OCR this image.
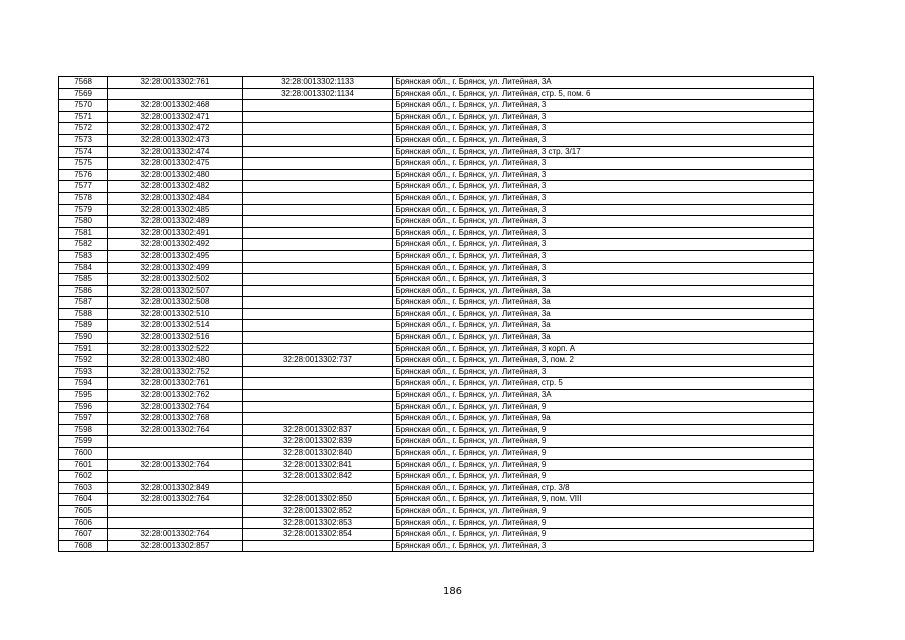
7568	32:28:0013302:761	32:28:0013302:1133	Брянская обл., г. Брянск, ул. Литейная, 3А
7569		32:28:0013302:1134	Брянская обл., г. Брянск, ул. Литейная, стр. 5, пом. 6
7570	32:28:0013302:468		Брянская обл., г. Брянск, ул. Литейная, 3
7571	32:28:0013302:471		Брянская обл., г. Брянск, ул. Литейная, 3
7572	32:28:0013302:472		Брянская обл., г. Брянск, ул. Литейная, 3
7573	32:28:0013302:473		Брянская обл., г. Брянск, ул. Литейная, 3
7574	32:28:0013302:474		Брянская обл., г. Брянск, ул. Литейная, 3 стр. 3/17
7575	32:28:0013302:475		Брянская обл., г. Брянск, ул. Литейная, 3
7576	32:28:0013302:480		Брянская обл., г. Брянск, ул. Литейная, 3
7577	32:28:0013302:482		Брянская обл., г. Брянск, ул. Литейная, 3
7578	32:28:0013302:484		Брянская обл., г. Брянск, ул. Литейная, 3
7579	32:28:0013302:485		Брянская обл., г. Брянск, ул. Литейная, 3
7580	32:28:0013302:489		Брянская обл., г. Брянск, ул. Литейная, 3
7581	32:28:0013302:491		Брянская обл., г. Брянск, ул. Литейная, 3
7582	32:28:0013302:492		Брянская обл., г. Брянск, ул. Литейная, 3
7583	32:28:0013302:495		Брянская обл., г. Брянск, ул. Литейная, 3
7584	32:28:0013302:499		Брянская обл., г. Брянск, ул. Литейная, 3
7585	32:28:0013302:502		Брянская обл., г. Брянск, ул. Литейная, 3
7586	32:28:0013302:507		Брянская обл., г. Брянск, ул. Литейная, 3а
7587	32:28:0013302:508		Брянская обл., г. Брянск, ул. Литейная, 3а
7588	32:28:0013302:510		Брянская обл., г. Брянск, ул. Литейная, 3а
7589	32:28:0013302:514		Брянская обл., г. Брянск, ул. Литейная, 3а
7590	32:28:0013302:516		Брянская обл., г. Брянск, ул. Литейная, 3а
7591	32:28:0013302:522		Брянская обл., г. Брянск, ул. Литейная, 3 корп. А
7592	32:28:0013302:480	32:28:0013302:737	Брянская обл., г. Брянск, ул. Литейная, 3, пом. 2
7593	32:28:0013302:752		Брянская обл., г. Брянск, ул. Литейная, 3
7594	32:28:0013302:761		Брянская обл., г. Брянск, ул. Литейная, стр. 5
7595	32:28:0013302:762		Брянская обл., г. Брянск, ул. Литейная, 3А
7596	32:28:0013302:764		Брянская обл., г. Брянск, ул. Литейная, 9
7597	32:28:0013302:768		Брянская обл., г. Брянск, ул. Литейная, 9а
7598	32:28:0013302:764	32:28:0013302:837	Брянская обл., г. Брянск, ул. Литейная, 9
7599		32:28:0013302:839	Брянская обл., г. Брянск, ул. Литейная, 9
7600		32:28:0013302:840	Брянская обл., г. Брянск, ул. Литейная, 9
7601	32:28:0013302:764	32:28:0013302:841	Брянская обл., г. Брянск, ул. Литейная, 9
7602		32:28:0013302:842	Брянская обл., г. Брянск, ул. Литейная, 9
7603	32:28:0013302:849		Брянская обл., г. Брянск, ул. Литейная, стр. 3/8
7604	32:28:0013302:764	32:28:0013302:850	Брянская обл., г. Брянск, ул. Литейная, 9, пом. VIII
7605		32:28:0013302:852	Брянская обл., г. Брянск, ул. Литейная, 9
7606		32:28:0013302:853	Брянская обл., г. Брянск, ул. Литейная, 9
7607	32:28:0013302:764	32:28:0013302:854	Брянская обл., г. Брянск, ул. Литейная, 9
7608	32:28:0013302:857		Брянская обл., г. Брянск, ул. Литейная, 3
186
